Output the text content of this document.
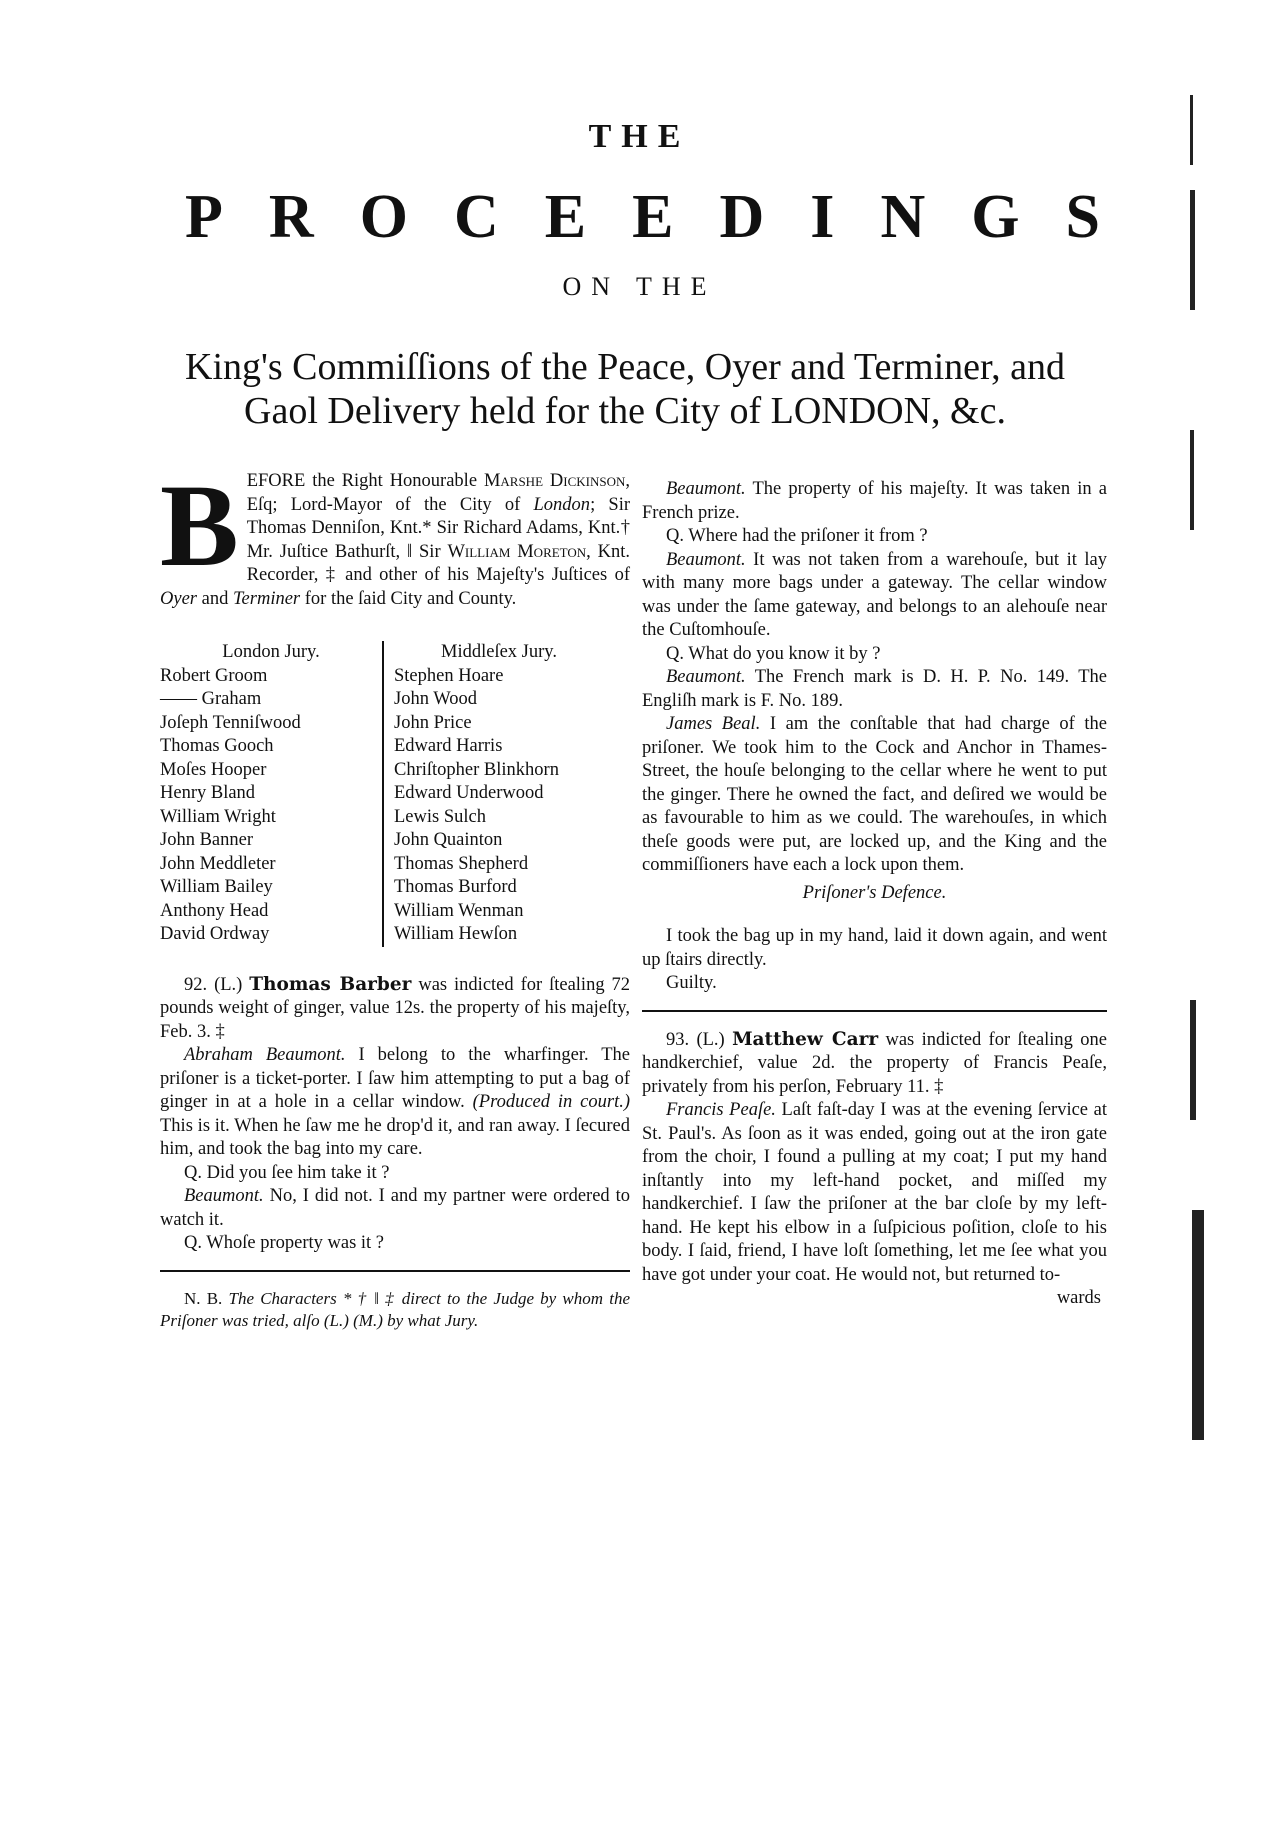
THE
P R O C E E D I N G S
ON THE
King's Commiſſions of the Peace, Oyer and Terminer, and
Gaol Delivery held for the City of LONDON, &c.

BEFORE the Right Honourable Marshe Dickinson, Eſq; Lord-Mayor of the City of London; Sir Thomas Denniſon, Knt.* Sir Richard Adams, Knt.† Mr. Juſtice Bathurſt, ‖ Sir William Moreton, Knt. Recorder, ‡ and other of his Majeſty's Juſtices of Oyer and Terminer for the ſaid City and County.

London Jury.
Robert Groom
—— Graham
Joſeph Tenniſwood
Thomas Gooch
Moſes Hooper
Henry Bland
William Wright
John Banner
John Meddleter
William Bailey
Anthony Head
David Ordway
Middleſex Jury.
Stephen Hoare
John Wood
John Price
Edward Harris
Chriſtopher Blinkhorn
Edward Underwood
Lewis Sulch
John Quainton
Thomas Shepherd
Thomas Burford
William Wenman
William Hewſon

92. (L.) Thomas Barber was indicted for ſtealing 72 pounds weight of ginger, value 12s. the property of his majeſty, Feb. 3. ‡

Abraham Beaumont. I belong to the wharfinger. The priſoner is a ticket-porter. I ſaw him attempting to put a bag of ginger in at a hole in a cellar window. (Produced in court.) This is it. When he ſaw me he drop'd it, and ran away. I ſecured him, and took the bag into my care.

Q. Did you ſee him take it ?

Beaumont. No, I did not. I and my partner were ordered to watch it.

Q. Whoſe property was it ?

N. B. The Characters * † ‖ ‡ direct to the Judge by whom the Priſoner was tried, alſo (L.) (M.) by what Jury.

Beaumont. The property of his majeſty. It was taken in a French prize.

Q. Where had the priſoner it from ?

Beaumont. It was not taken from a warehouſe, but it lay with many more bags under a gateway. The cellar window was under the ſame gateway, and belongs to an alehouſe near the Cuſtomhouſe.

Q. What do you know it by ?

Beaumont. The French mark is D. H. P. No. 149. The Engliſh mark is F. No. 189.

James Beal. I am the conſtable that had charge of the priſoner. We took him to the Cock and Anchor in Thames-Street, the houſe belonging to the cellar where he went to put the ginger. There he owned the fact, and deſired we would be as favourable to him as we could. The warehouſes, in which theſe goods were put, are locked up, and the King and the commiſſioners have each a lock upon them.

Priſoner's Defence.

I took the bag up in my hand, laid it down again, and went up ſtairs directly.

Guilty.

93. (L.) Matthew Carr was indicted for ſtealing one handkerchief, value 2d. the property of Francis Peaſe, privately from his perſon, February 11. ‡

Francis Peaſe. Laſt faſt-day I was at the evening ſervice at St. Paul's. As ſoon as it was ended, going out at the iron gate from the choir, I found a pulling at my coat; I put my hand inſtantly into my left-hand pocket, and miſſed my handkerchief. I ſaw the priſoner at the bar cloſe by my left-hand. He kept his elbow in a ſuſpicious poſition, cloſe to his body. I ſaid, friend, I have loſt ſomething, let me ſee what you have got under your coat. He would not, but returned to-

wards
